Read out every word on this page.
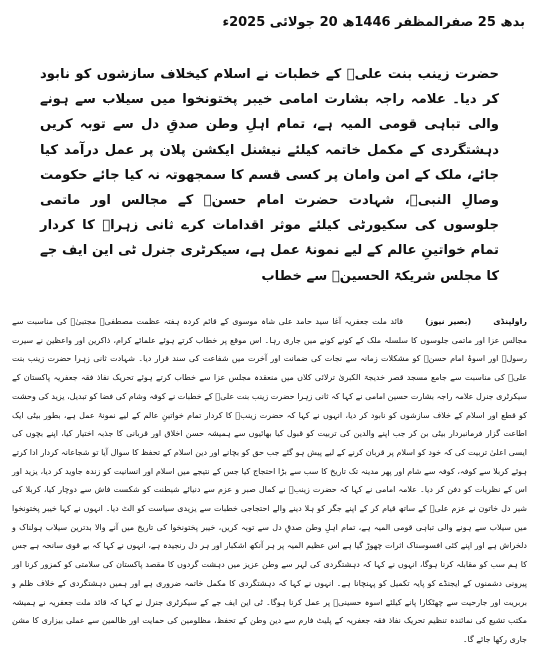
بدھ 25 صفرالمظفر 1446ھ 20 جولائی 2025ء

حضرت زینب بنت علیؑ کے خطبات نے اسلام کیخلاف سازشوں کو نابود کر دیا۔ علامہ راجہ بشارت امامی خیبر پختونخوا میں سیلاب سے ہونے والی تباہی قومی المیہ ہے، تمام اہلِ وطن صدقِ دل سے توبہ کریں دہشتگردی کے مکمل خاتمہ کیلئے نیشنل ایکشن پلان پر عمل درآمد کیا جائے، ملک کے امن وامان پر کسی قسم کا سمجھوتہ نہ کیا جائے حکومت وصالِ النبیؐ، شہادت حضرت امام حسنؑ کے مجالس اور ماتمی جلوسوں کی سکیورٹی کیلئے موثر اقدامات کرے ثانی زہراؑ کا کردار تمام خواتینِ عالم کے لیے نمونۂ عمل ہے، سیکرٹری جنرل ٹی این ایف جے کا مجلس شریکۃ الحسینؑ سے خطاب

راولپنڈی(بصیر نیوز)قائد ملت جعفریہ آغا سید حامد علی شاہ موسوی کے قائم کردہ ہفتہ عظمت مصطفیؐ مجتبیٰؑ کی مناسبت سے مجالس عزا اور ماتمی جلوسوں کا سلسلہ ملک کے کونے کونے میں جاری رہا۔ اس موقع پر خطاب کرتے ہوئے علمائے کرام، ذاکرین اور واعظین نے سیرت رسولؐ اور اسوۂ امام حسنؑ کو مشکلات زمانہ سے نجات کی ضمانت اور آخرت میں شفاعت کی سند قرار دیا۔ شہادت ثانی زہرا حضرت زینب بنت علیؑ کی مناسبت سے جامع مسجد قصر خدیجۃ الکبریٰ ترلائی کلاں میں منعقدہ مجلس عزا سے خطاب کرتے ہوئے تحریک نفاذ فقہ جعفریہ پاکستان کے سیکرٹری جنرل علامہ راجہ بشارت حسین امامی نے کہا کہ ثانی زہرا حضرت زینب بنت علیؑ کے خطبات نے کوفہ وشام کی فضا کو تبدیل، یزید کی وحشت کو قطع اور اسلام کے خلاف سازشوں کو نابود کر دیا، انہوں نے کہا کہ حضرت زینبؑ کا کردار تمام خواتینِ عالم کے لیے نمونۂ عمل ہے، بطور بیٹی ایک اطاعت گزار فرمانبردار بیٹی بن کر جب اپنے والدین کی تربیت کو قبول کیا بھائیوں سے ہمیشہ حسن اخلاق اور قربانی کا جذبہ اختیار کیا، اپنے بچوں کی ایسی اعلیٰ تربیت کی کہ خود کو اسلام پر قربان کرنے کے لیے پیش ہو گئے جب حق کو بچانے اور دین اسلام کے تحفظ کا سوال آیا تو شجاعانہ کردار ادا کرتے ہوئے کربلا سے کوفہ، کوفہ سے شام اور پھر مدینہ تک تاریخ کا سب سے بڑا احتجاج کیا جس کے نتیجے میں اسلام اور انسانیت کو زندہ جاوید کر دیا، یزید اور اس کے نظریات کو دفن کر دیا۔ علامہ امامی نے کہا کہ حضرت زینبؑ نے کمال صبر و عزم سے دنیائے شیطنت کو شکست فاش سے دوچار کیا، کربلا کی شیر دل خاتون نے عزم علیؑ کے ساتھ قیام کر کے اپنے جگر کو ہلا دینے والے احتجاجی خطبات سے یزیدی سیاست کو الٹ دیا۔ انہوں نے کہا خیبر پختونخوا میں سیلاب سے ہونے والی تباہی قومی المیہ ہے، تمام اہلِ وطن صدقِ دل سے توبہ کریں، خیبر پختونخوا کی تاریخ میں آنے والا بدترین سیلاب ہولناک و دلخراش ہے اور اپنے کئی افسوسناک اثرات چھوڑ گیا ہے اس عظیم المیہ پر ہر آنکھ اشکبار اور ہر دل رنجیدہ ہے، انہوں نے کہا کہ بے قوی سانحہ ہے جس کا ہم سب کو مقابلہ کرنا ہوگا، انہوں نے کہا کہ دہشتگردی کی لہر سے وطن عزیز میں دہشت گردوں کا مقصد پاکستان کی سلامتی کو کمزور کرنا اور پیرونی دشمنوں کے ایجنڈے کو پایہ تکمیل کو پہنچانا ہے۔ انہوں نے کہا کہ دہشتگردی کا مکمل خاتمہ ضروری ہے اور ہمیں دہشتگردی کے خلاف ظلم و بربریت اور جارحیت سے چھٹکارا پانے کیلئے اسوہ حسینیؑ پر عمل کرنا ہوگا۔ ٹی این ایف جے کے سیکرٹری جنرل نے کہا کہ قائد ملت جعفریہ نے ہمیشہ مکتب تشیع کی نمائندہ تنظیم تحریک نفاذ فقہ جعفریہ کے پلیٹ فارم سے دین وطن کے تحفظ، مظلومین کی حمایت اور ظالمین سے عملی بیزاری کا مشن جاری رکھا جائے گا۔
